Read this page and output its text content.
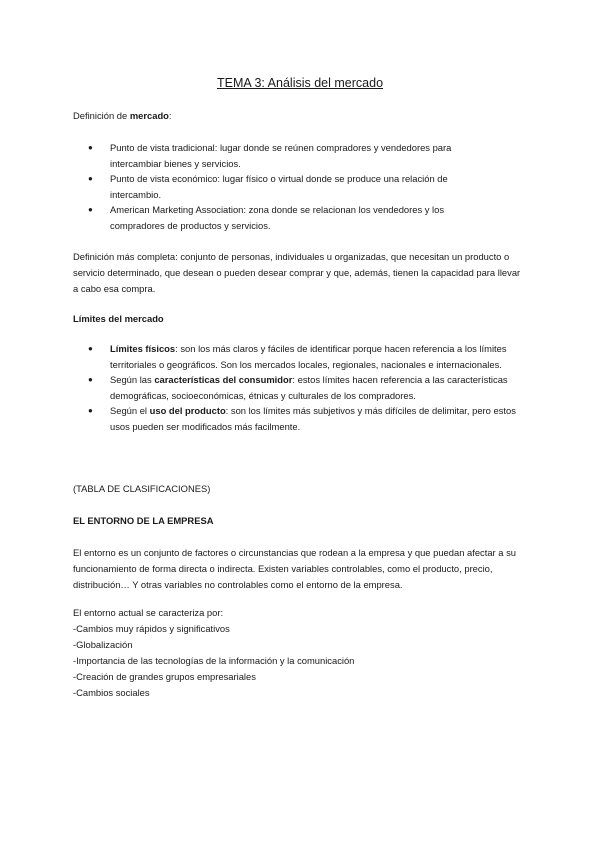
TEMA 3: Análisis del mercado
Definición de mercado:
● Punto de vista tradicional: lugar donde se reúnen compradores y vendedores para intercambiar bienes y servicios.
● Punto de vista económico: lugar físico o virtual donde se produce una relación de intercambio.
● American Marketing Association: zona donde se relacionan los vendedores y los compradores de productos y servicios.
Definición más completa: conjunto de personas, individuales u organizadas, que necesitan un producto o servicio determinado, que desean o pueden desear comprar y que, además, tienen la capacidad para llevar a cabo esa compra.
Límites del mercado
● Límites físicos: son los más claros y fáciles de identificar porque hacen referencia a los límites territoriales o geográficos. Son los mercados locales, regionales, nacionales e internacionales.
● Según las características del consumidor: estos límites hacen referencia a las características demográficas, socioeconómicas, étnicas y culturales de los compradores.
● Según el uso del producto: son los límites más subjetivos y más difíciles de delimitar, pero estos usos pueden ser modificados más facilmente.
(TABLA DE CLASIFICACIONES)
EL ENTORNO DE LA EMPRESA
El entorno es un conjunto de factores o circunstancias que rodean a la empresa y que puedan afectar a su funcionamiento de forma directa o indirecta. Existen variables controlables, como el producto, precio, distribución… Y otras variables no controlables como el entorno de la empresa.
El entorno actual se caracteriza por:
-Cambios muy rápidos y significativos
-Globalización
-Importancia de las tecnologías de la información y la comunicación
-Creación de grandes grupos empresariales
-Cambios sociales
